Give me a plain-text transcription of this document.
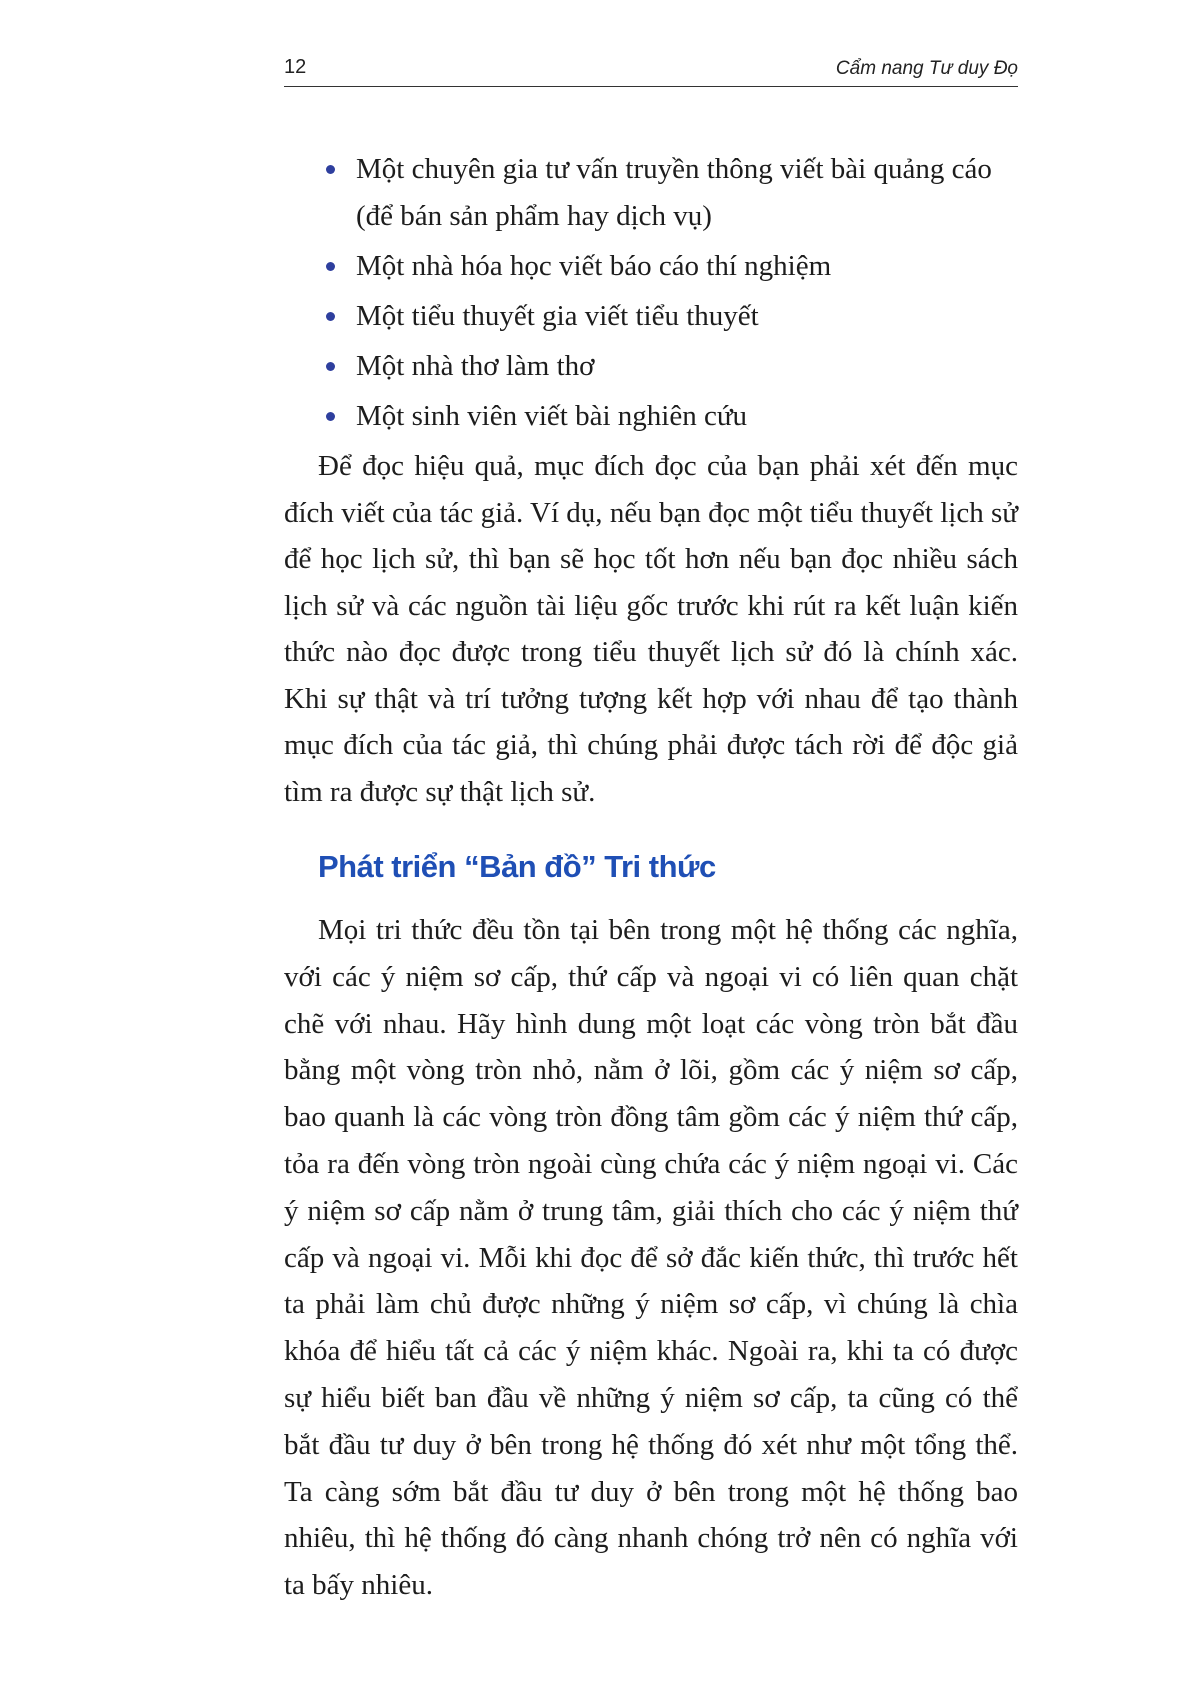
12	Cẩm nang Tư duy Đọ
Một chuyên gia tư vấn truyền thông viết bài quảng cáo (để bán sản phẩm hay dịch vụ)
Một nhà hóa học viết báo cáo thí nghiệm
Một tiểu thuyết gia viết tiểu thuyết
Một nhà thơ làm thơ
Một sinh viên viết bài nghiên cứu

Để đọc hiệu quả, mục đích đọc của bạn phải xét đến mục đích viết của tác giả. Ví dụ, nếu bạn đọc một tiểu thuyết lịch sử để học lịch sử, thì bạn sẽ học tốt hơn nếu bạn đọc nhiều sách lịch sử và các nguồn tài liệu gốc trước khi rút ra kết luận kiến thức nào đọc được trong tiểu thuyết lịch sử đó là chính xác. Khi sự thật và trí tưởng tượng kết hợp với nhau để tạo thành mục đích của tác giả, thì chúng phải được tách rời để độc giả tìm ra được sự thật lịch sử.

Phát triển “Bản đồ” Tri thức

Mọi tri thức đều tồn tại bên trong một hệ thống các nghĩa, với các ý niệm sơ cấp, thứ cấp và ngoại vi có liên quan chặt chẽ với nhau. Hãy hình dung một loạt các vòng tròn bắt đầu bằng một vòng tròn nhỏ, nằm ở lõi, gồm các ý niệm sơ cấp, bao quanh là các vòng tròn đồng tâm gồm các ý niệm thứ cấp, tỏa ra đến vòng tròn ngoài cùng chứa các ý niệm ngoại vi. Các ý niệm sơ cấp nằm ở trung tâm, giải thích cho các ý niệm thứ cấp và ngoại vi. Mỗi khi đọc để sở đắc kiến thức, thì trước hết ta phải làm chủ được những ý niệm sơ cấp, vì chúng là chìa khóa để hiểu tất cả các ý niệm khác. Ngoài ra, khi ta có được sự hiểu biết ban đầu về những ý niệm sơ cấp, ta cũng có thể bắt đầu tư duy ở bên trong hệ thống đó xét như một tổng thể. Ta càng sớm bắt đầu tư duy ở bên trong một hệ thống bao nhiêu, thì hệ thống đó càng nhanh chóng trở nên có nghĩa với ta bấy nhiêu.
